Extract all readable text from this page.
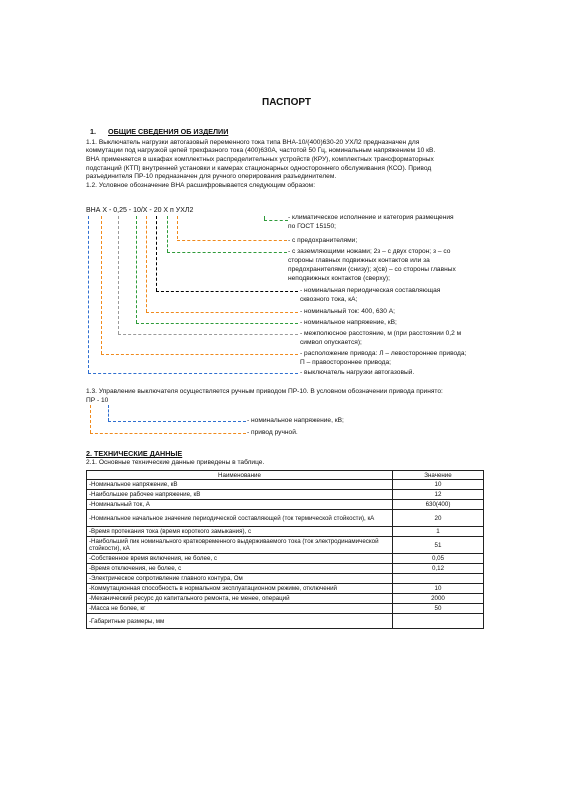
ПАСПОРТ
1. ОБЩИЕ СВЕДЕНИЯ ОБ ИЗДЕЛИИ
1.1. Выключатель нагрузки автогазовый переменного тока типа ВНА-10/(400)630-20 УХЛ2 предназначен для
коммутации под нагрузкой цепей трехфазного тока (400)630А, частотой 50 Гц, номинальным напряжением 10 кВ.
ВНА применяется в шкафах комплектных распределительных устройств (КРУ), комплектных трансформаторных
подстанций (КТП) внутренней установки и камерах стационарных одностороннего обслуживания (КСО). Привод
разъединителя ПР-10 предназначен для ручного оперирования разъединителем.
1.2. Условное обозначение ВНА расшифровывается следующим образом:
ВНА Х - 0,25 - 10/Х - 20 Х п УХЛ2
- климатическое исполнение и категория размещения
по ГОСТ 15150;
- с предохранителями;
- с заземляющими ножами; 2з – с двух сторон; з – со
стороны главных подвижных контактов или за
предохранителями (снизу); з(св) – со стороны главных
неподвижных контактов (сверху);
- номинальная периодическая составляющая
сквозного тока, кА;
- номинальный ток: 400, 630 А;
- номинальное напряжение, кВ;
- межполюсное расстояние, м (при расстоянии 0,2 м
символ опускается);
- расположение привода: Л – левостороннее привода;
П – правостороннее привода;
- выключатель нагрузки автогазовый.
1.3. Управление выключателя осуществляется ручным приводом ПР-10. В условном обозначении привода принято:
ПР - 10
- номинальное напряжение, кВ;
- привод ручной.
2. ТЕХНИЧЕСКИЕ ДАННЫЕ
2.1. Основные технические данные приведены в таблице.
Наименование	Значение
-Номинальное напряжение, кВ	10
-Наибольшее рабочее напряжение, кВ	12
-Номинальный ток, А	630(400)
-Номинальное начальное значение периодической составляющей (ток термической стойкости), кА	20
-Время протекания тока (время короткого замыкания), с	1
-Наибольший пик номинального кратковременного выдерживаемого тока (ток электродинамической стойкости), кА	51
-Собственное время включения, не более, с	0,05
-Время отключения, не более, с	0,12
-Электрическое сопротивление главного контура, Ом	
-Коммутационная способность в нормальном эксплуатационном режиме, отключений	10
-Механический ресурс до капитального ремонта, не менее, операций	2000
-Масса не более, кг	50
-Габаритные размеры, мм	
